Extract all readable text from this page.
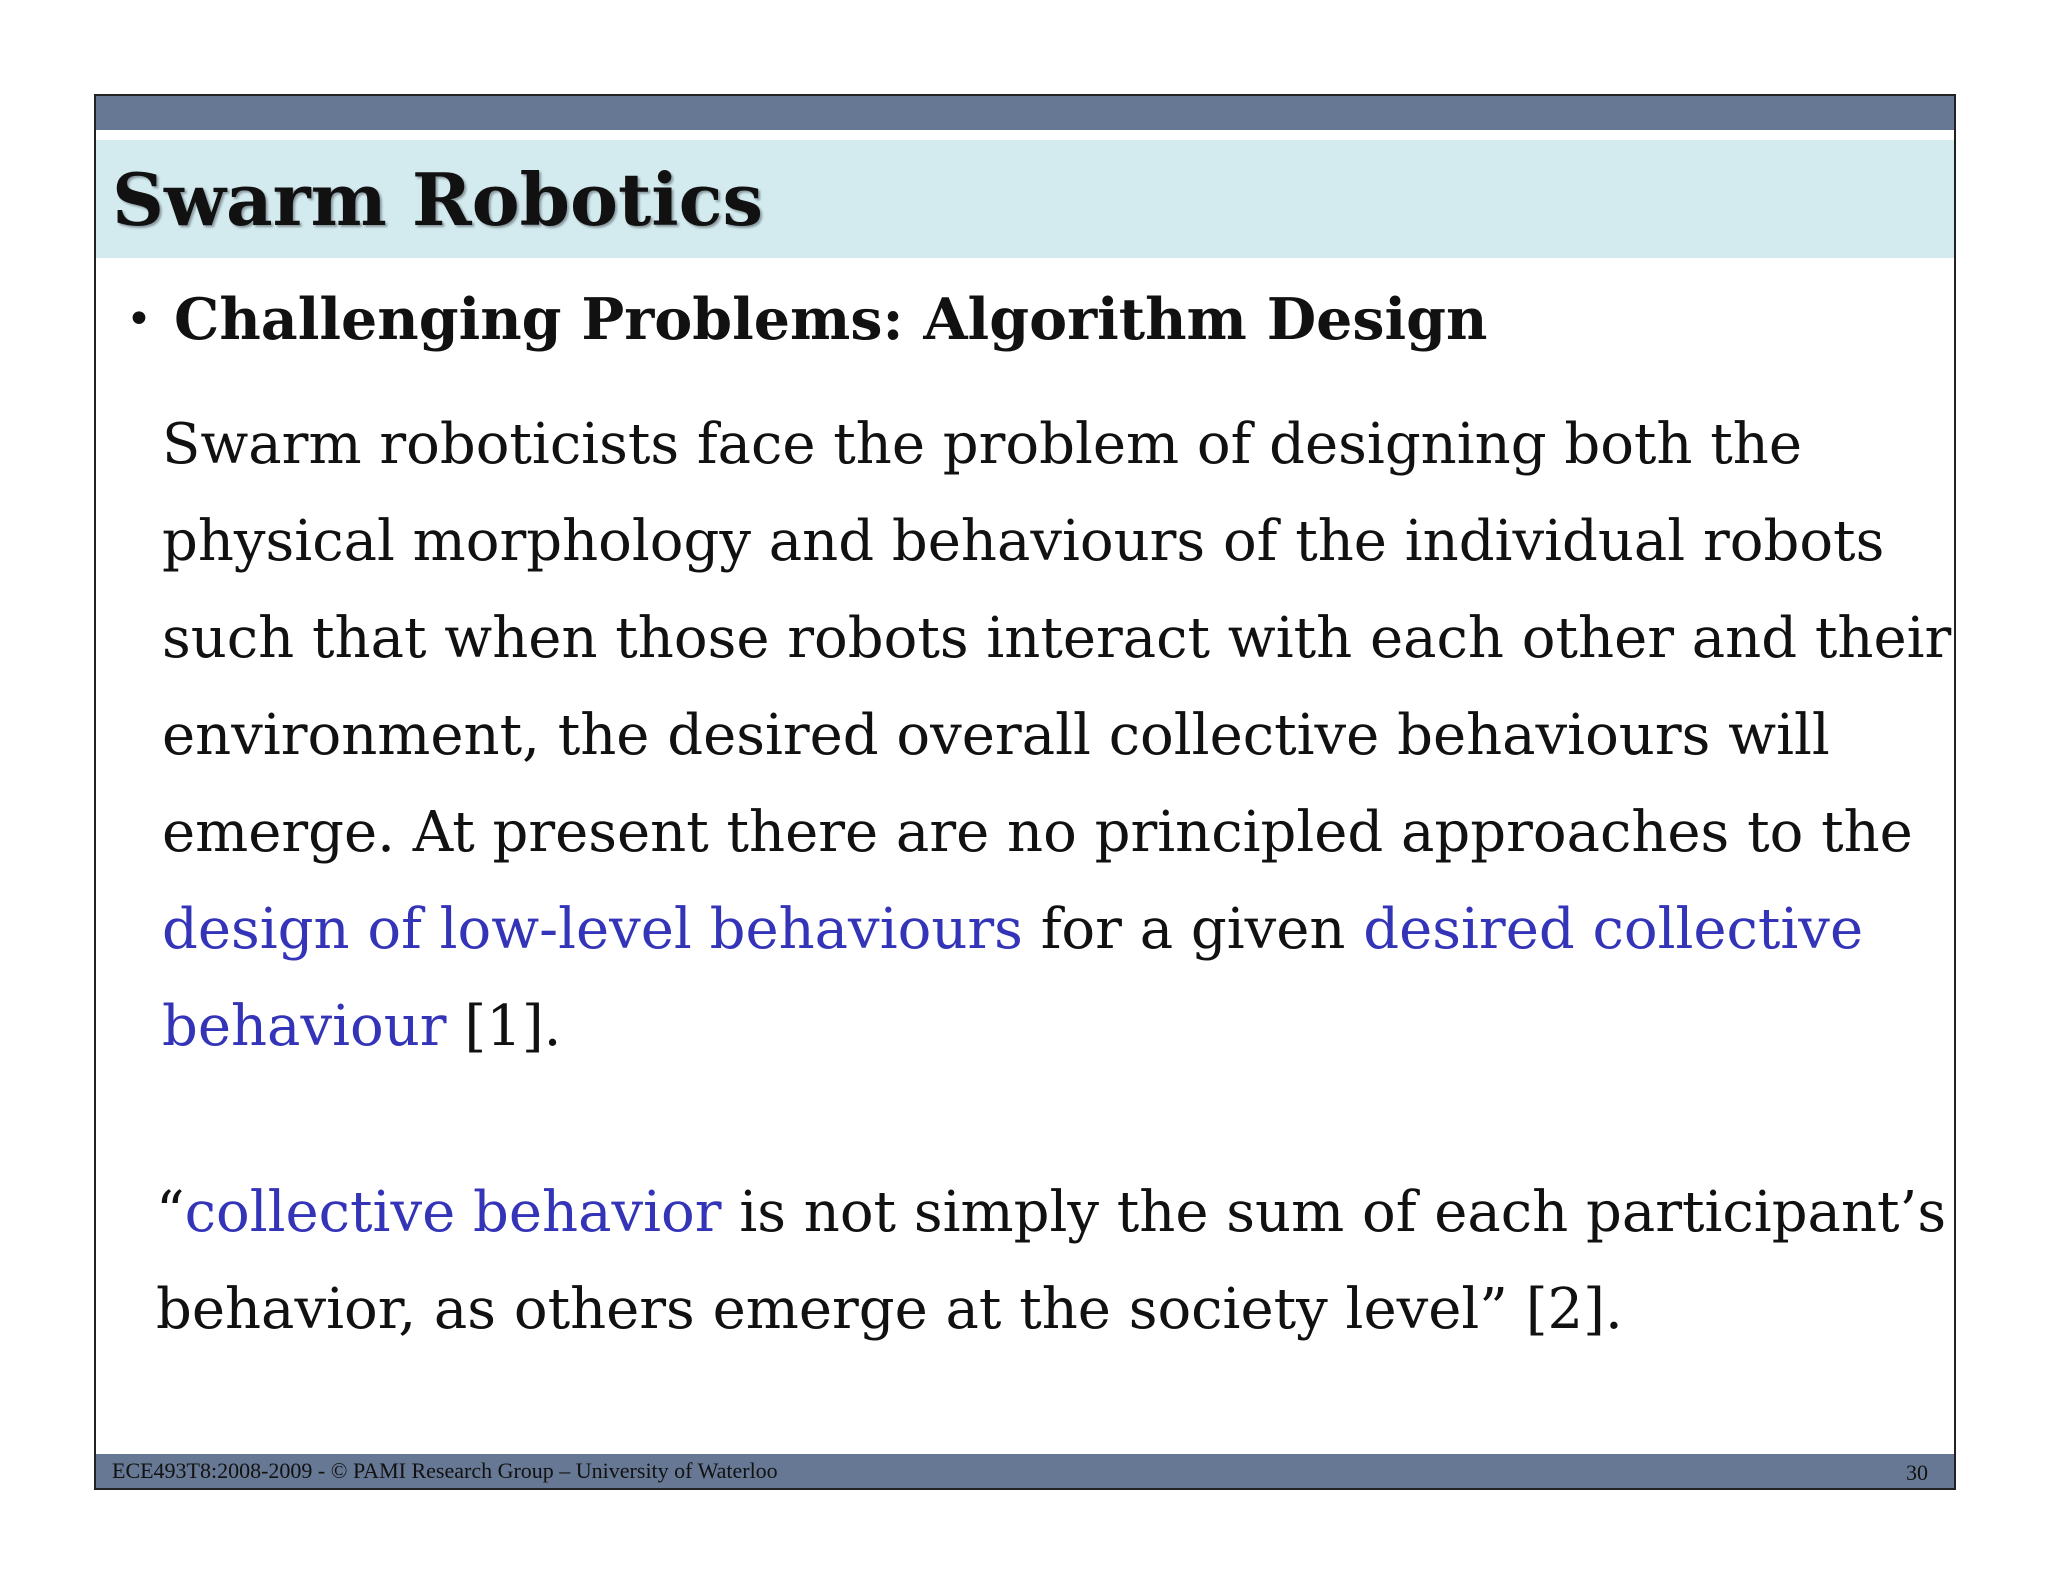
Swarm Robotics
• Challenging Problems: Algorithm Design
Swarm roboticists face the problem of designing both the
physical morphology and behaviours of the individual robots
such that when those robots interact with each other and their
environment, the desired overall collective behaviours will
emerge. At present there are no principled approaches to the
design of low-level behaviours for a given desired collective
behaviour [1].
“collective behavior is not simply the sum of each participant’s
behavior, as others emerge at the society level” [2].
ECE493T8:2008-2009 - © PAMI Research Group – University of Waterloo	30
